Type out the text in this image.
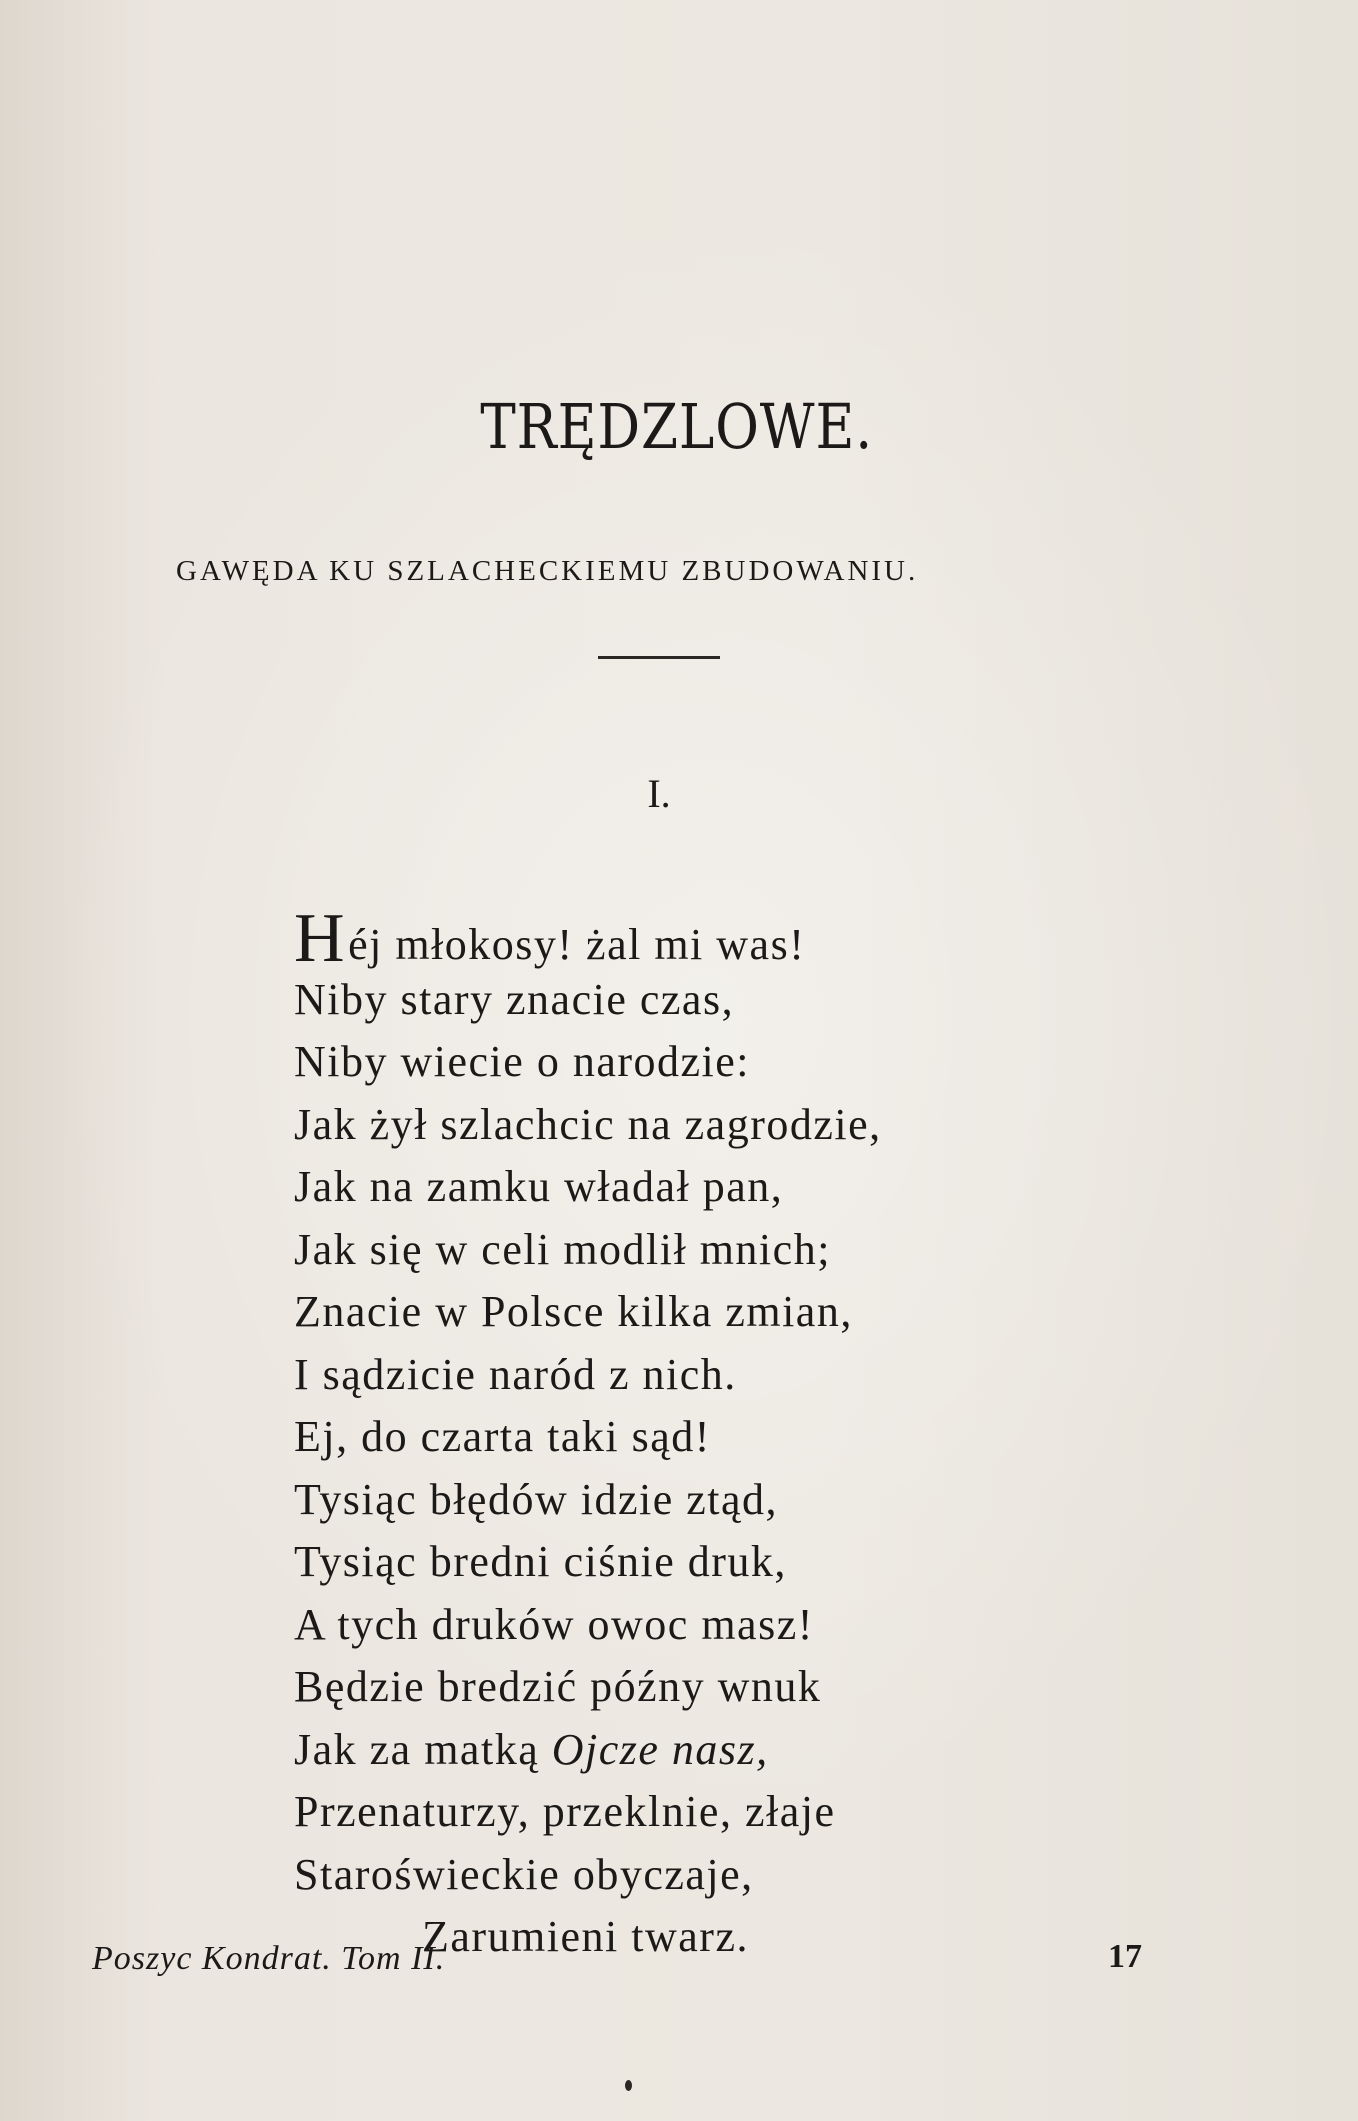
TRĘDZLOWE.
GAWĘDA KU SZLACHECKIEMU ZBUDOWANIU.
I.
Héj młokosy! żal mi was!
Niby stary znacie czas,
Niby wiecie o narodzie:
Jak żył szlachcic na zagrodzie,
Jak na zamku władał pan,
Jak się w celi modlił mnich;
Znacie w Polsce kilka zmian,
I sądzicie naród z nich.
Ej, do czarta taki sąd!
Tysiąc błędów idzie ztąd,
Tysiąc bredni ciśnie druk,
A tych druków owoc masz!
Będzie bredzić późny wnuk
Jak za matką Ojcze nasz,
Przenaturzy, przeklnie, złaje
Staroświeckie obyczaje,
Zarumieni twarz.
Poszyc Kondrat. Tom II.	17
